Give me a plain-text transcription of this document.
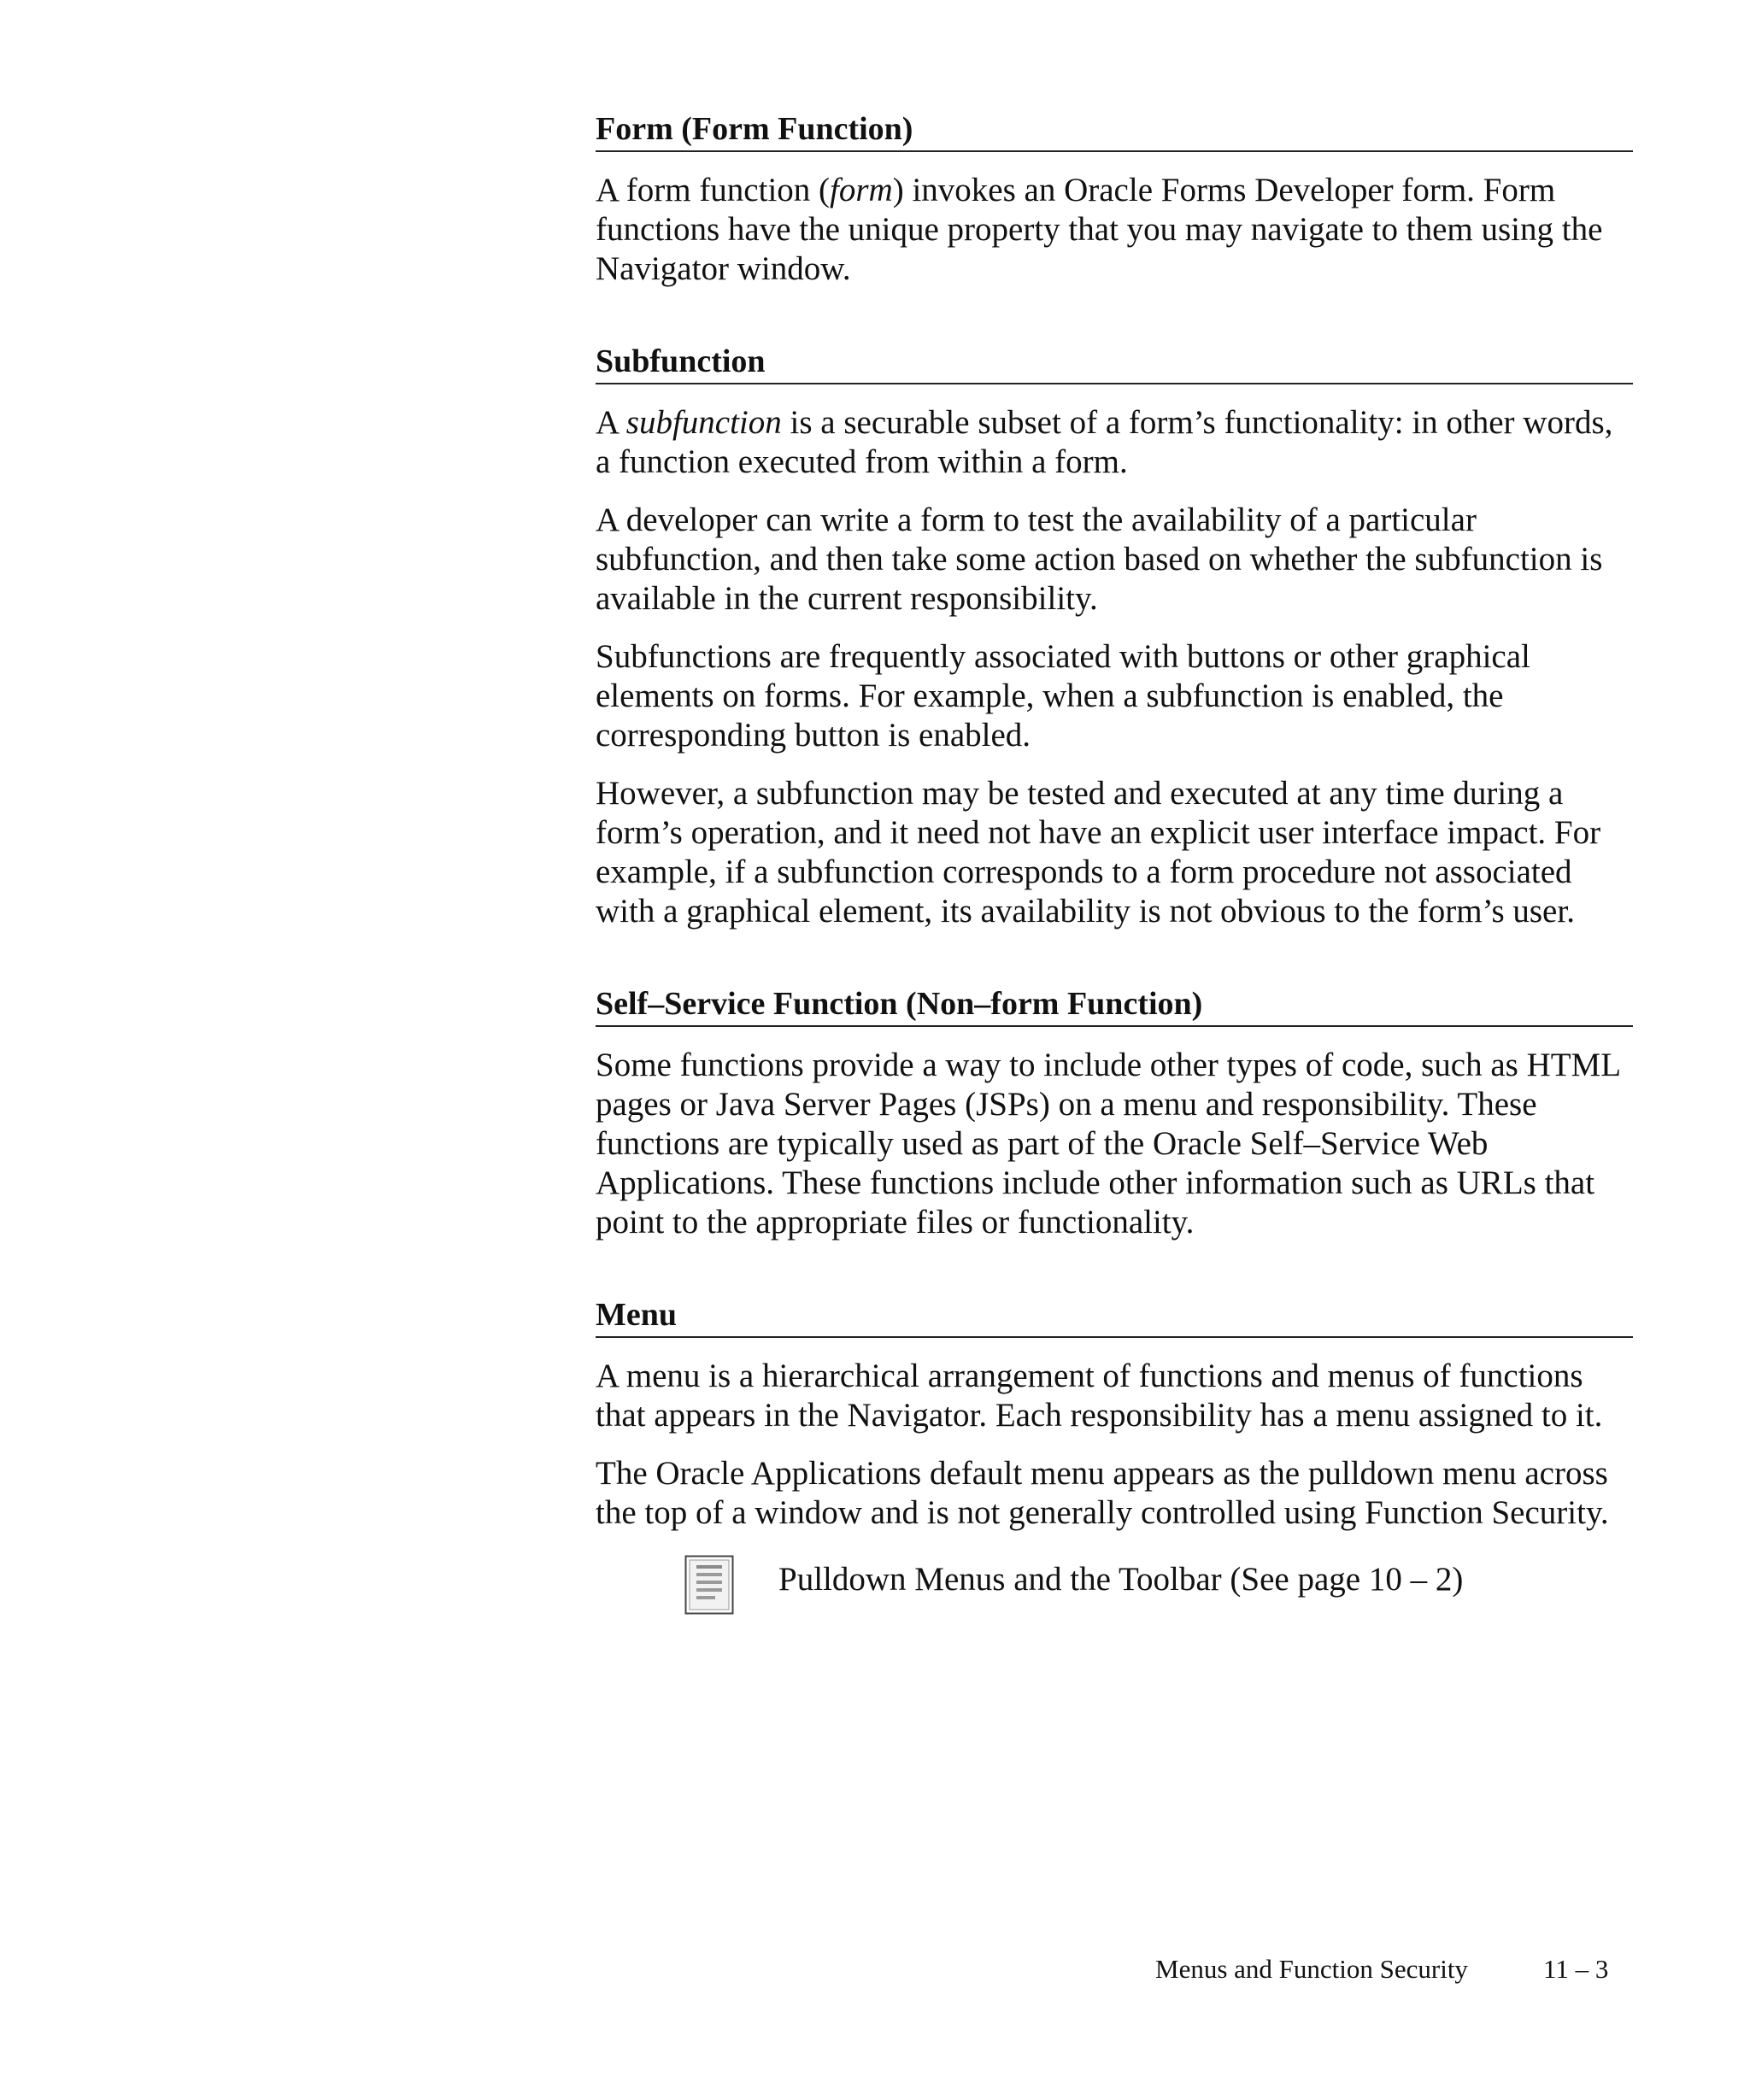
Form (Form Function)

A form function (form) invokes an Oracle Forms Developer form. Form functions have the unique property that you may navigate to them using the Navigator window.

Subfunction

A subfunction is a securable subset of a form’s functionality: in other words, a function executed from within a form.

A developer can write a form to test the availability of a particular subfunction, and then take some action based on whether the subfunction is available in the current responsibility.

Subfunctions are frequently associated with buttons or other graphical elements on forms. For example, when a subfunction is enabled, the corresponding button is enabled.

However, a subfunction may be tested and executed at any time during a form’s operation, and it need not have an explicit user interface impact. For example, if a subfunction corresponds to a form procedure not associated with a graphical element, its availability is not obvious to the form’s user.

Self–Service Function (Non–form Function)

Some functions provide a way to include other types of code, such as HTML pages or Java Server Pages (JSPs) on a menu and responsibility. These functions are typically used as part of the Oracle Self–Service Web Applications. These functions include other information such as URLs that point to the appropriate files or functionality.

Menu

A menu is a hierarchical arrangement of functions and menus of functions that appears in the Navigator. Each responsibility has a menu assigned to it.

The Oracle Applications default menu appears as the pulldown menu across the top of a window and is not generally controlled using Function Security.

Pulldown Menus and the Toolbar (See page 10 – 2)
Menus and Function Security	11 – 3
